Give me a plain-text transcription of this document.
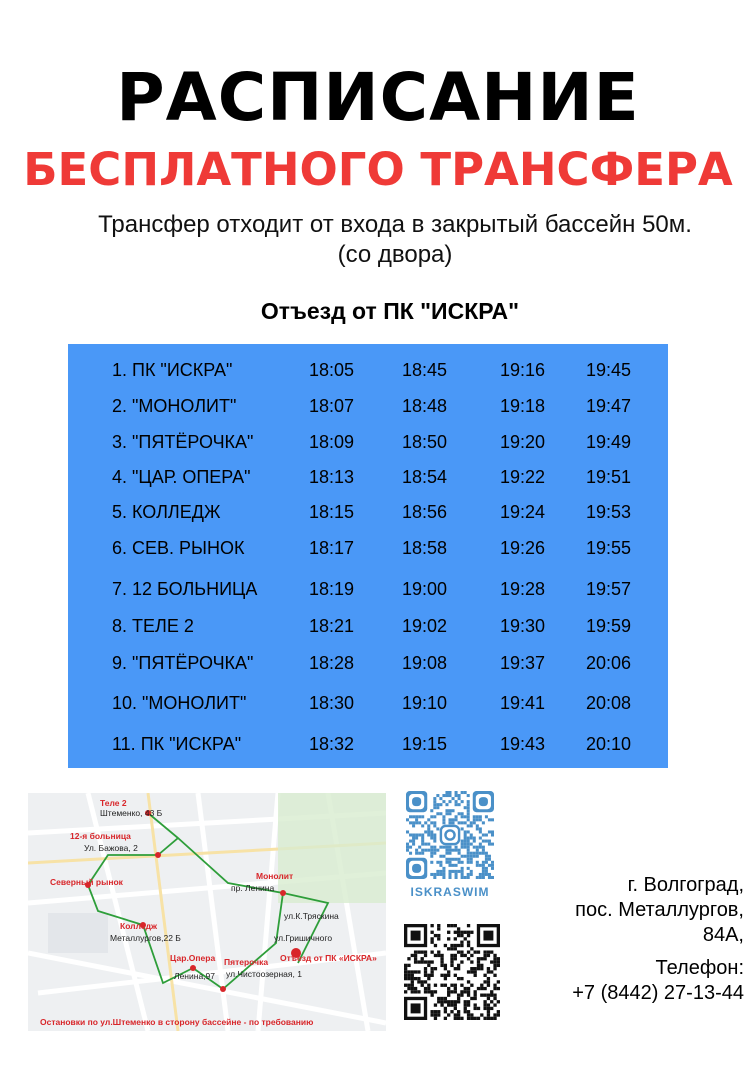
РАСПИСАНИЕ
БЕСПЛАТНОГО ТРАНСФЕРА
Трансфер отходит от входа в закрытый бассейн 50м.
(со двора)
Отъезд от ПК "ИСКРА"
1. ПК "ИСКРА"	18:05	18:45	19:16 19:45
2. "МОНОЛИТ"	18:07	18:48	19:18 19:47
3. "ПЯТЁРОЧКА"	18:09	18:50	19:20 19:49
4. "ЦАР. ОПЕРА"	18:13	18:54	19:22 19:51
5. КОЛЛЕДЖ	18:15	18:56	19:24 19:53
6. СЕВ. РЫНОК	18:17	18:58	19:26 19:55
7. 12 БОЛЬНИЦА	18:19	19:00	19:28 19:57
8. ТЕЛЕ 2	18:21	19:02	19:30 19:59
9. "ПЯТЁРОЧКА"	18:28	19:08	19:37 20:06
10. "МОНОЛИТ"	18:30	19:10	19:41 20:08
11. ПК "ИСКРА"	18:32	19:15	19:43 20:10
Теле 2
Штеменко, 43 Б
12-я больница
Ул. Бажова, 2
Северный рынок
Монолит
пр. Ленина
Колледж
Металлургов,22 Б
ул.К.Тряскина
ул.Гришичного
Цар.Опера Пятерочка Отъезд от ПК «ИСКРА»
Ленина,97 ул.Чистоозерная, 1
Остановки по ул.Штеменко в сторону бассейне - по требованию
ISKRASWIM	г. Волгоград,
пос. Металлургов,
84А,
Телефон:
+7 (8442) 27-13-44
